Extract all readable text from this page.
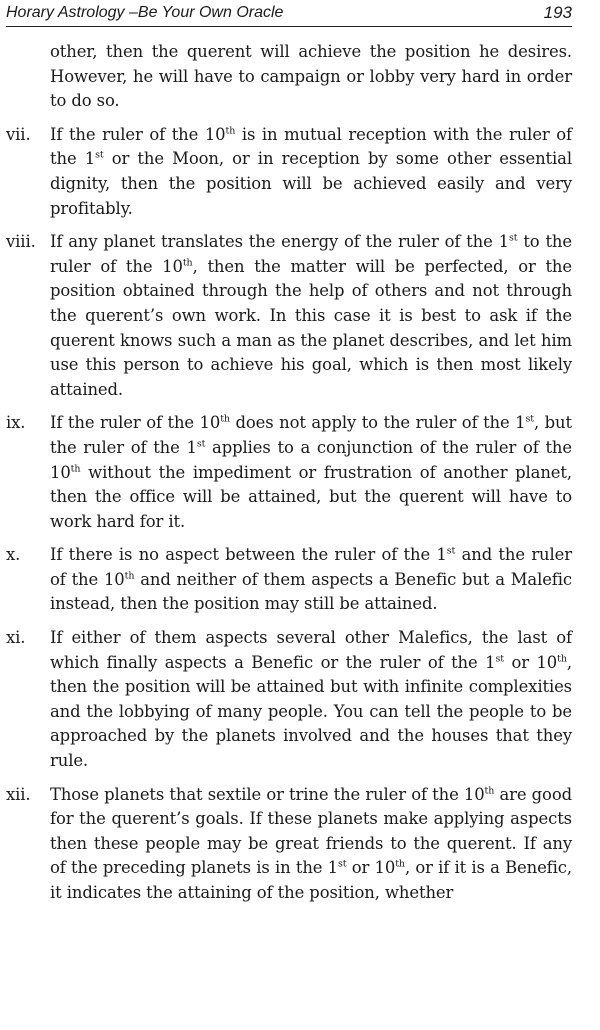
Horary Astrology –Be Your Own Oracle	193

other, then the querent will achieve the position he desires. However, he will have to campaign or lobby very hard in order to do so.

vii. If the ruler of the 10th is in mutual reception with the ruler of the 1st or the Moon, or in reception by some other essential dignity, then the position will be achieved easily and very profitably.
viii. If any planet translates the energy of the ruler of the 1st to the ruler of the 10th, then the matter will be perfected, or the position obtained through the help of others and not through the querent’s own work. In this case it is best to ask if the querent knows such a man as the planet describes, and let him use this person to achieve his goal, which is then most likely attained.
ix. If the ruler of the 10th does not apply to the ruler of the 1st, but the ruler of the 1st applies to a conjunction of the ruler of the 10th without the impediment or frustration of another planet, then the office will be attained, but the querent will have to work hard for it.
x. If there is no aspect between the ruler of the 1st and the ruler of the 10th and neither of them aspects a Benefic but a Malefic instead, then the position may still be attained.
xi. If either of them aspects several other Malefics, the last of which finally aspects a Benefic or the ruler of the 1st or 10th, then the position will be attained but with infinite complexities and the lobbying of many people. You can tell the people to be approached by the planets involved and the houses that they rule.
xii. Those planets that sextile or trine the ruler of the 10th are good for the querent’s goals. If these planets make applying aspects then these people may be great friends to the querent. If any of the preceding planets is in the 1st or 10th, or if it is a Benefic, it indicates the attaining of the position, whether
